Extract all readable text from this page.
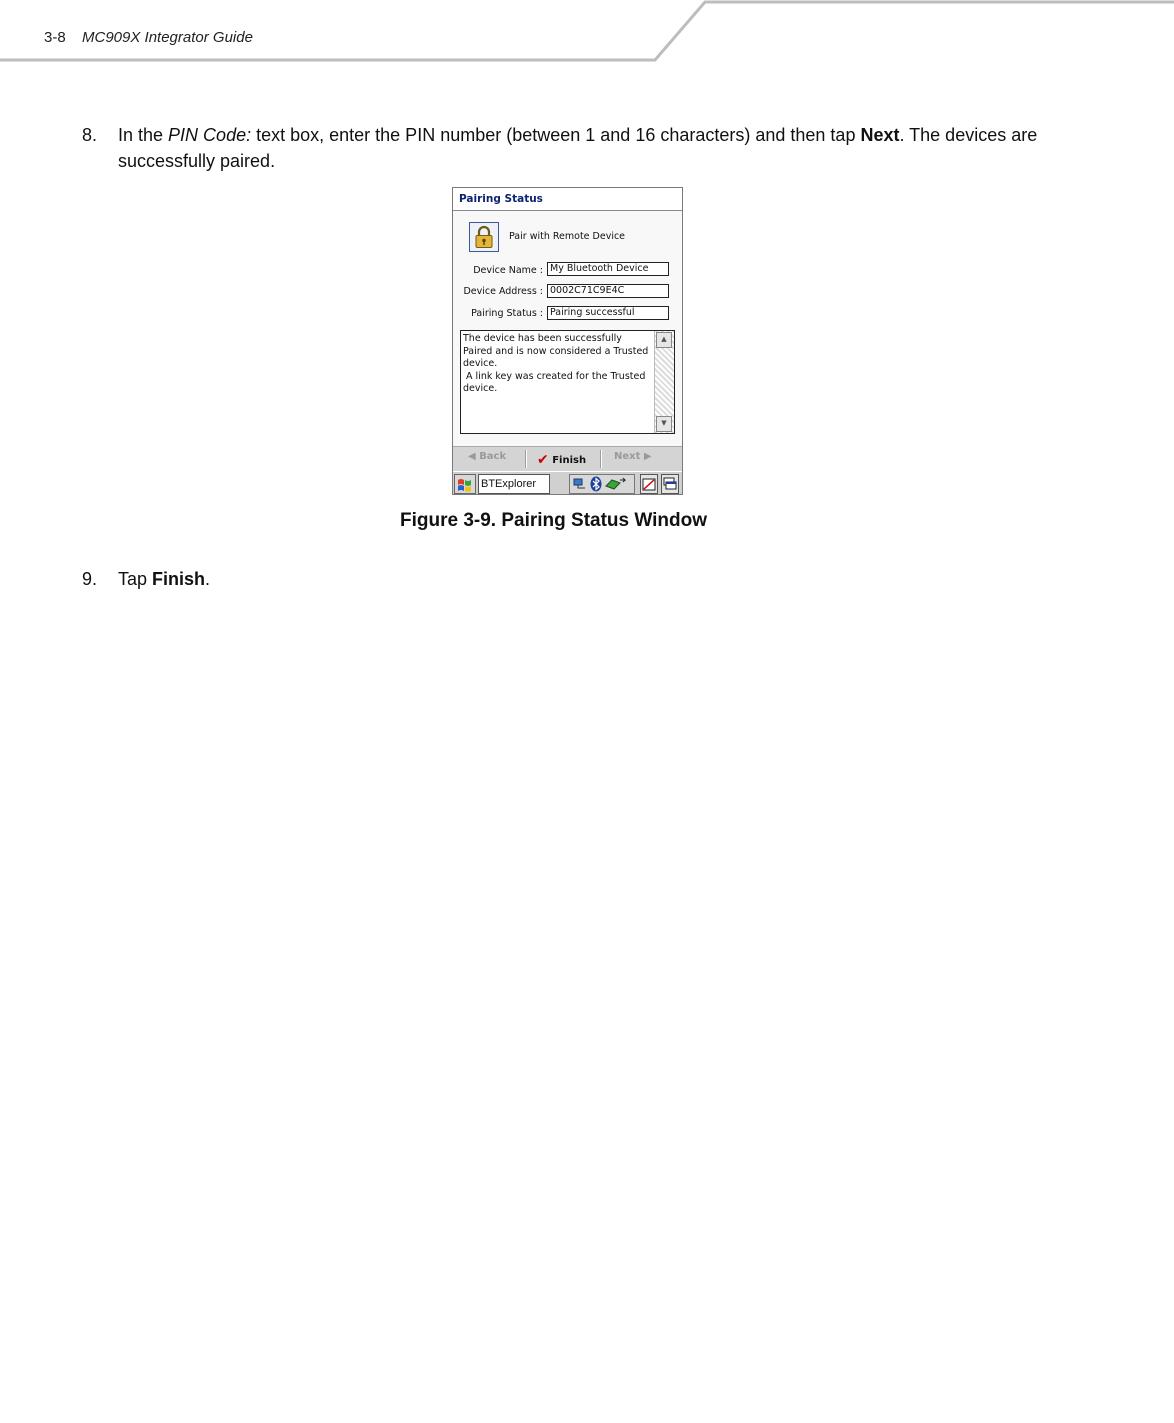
3-8 MC909X Integrator Guide
8. In the PIN Code: text box, enter the PIN number (between 1 and 16 characters) and then tap Next. The devices are successfully paired.
Pairing Status
Pair with Remote Device
Device Name : My Bluetooth Device
Device Address : 0002C71C9E4C
Pairing Status : Pairing successful
The device has been successfully Paired and is now considered a Trusted device.
A link key was created for the Trusted device.
▲
▼
◀ Back ✔ Finish	Next ▶
BTExplorer
Figure 3-9. Pairing Status Window
9. Tap Finish.
